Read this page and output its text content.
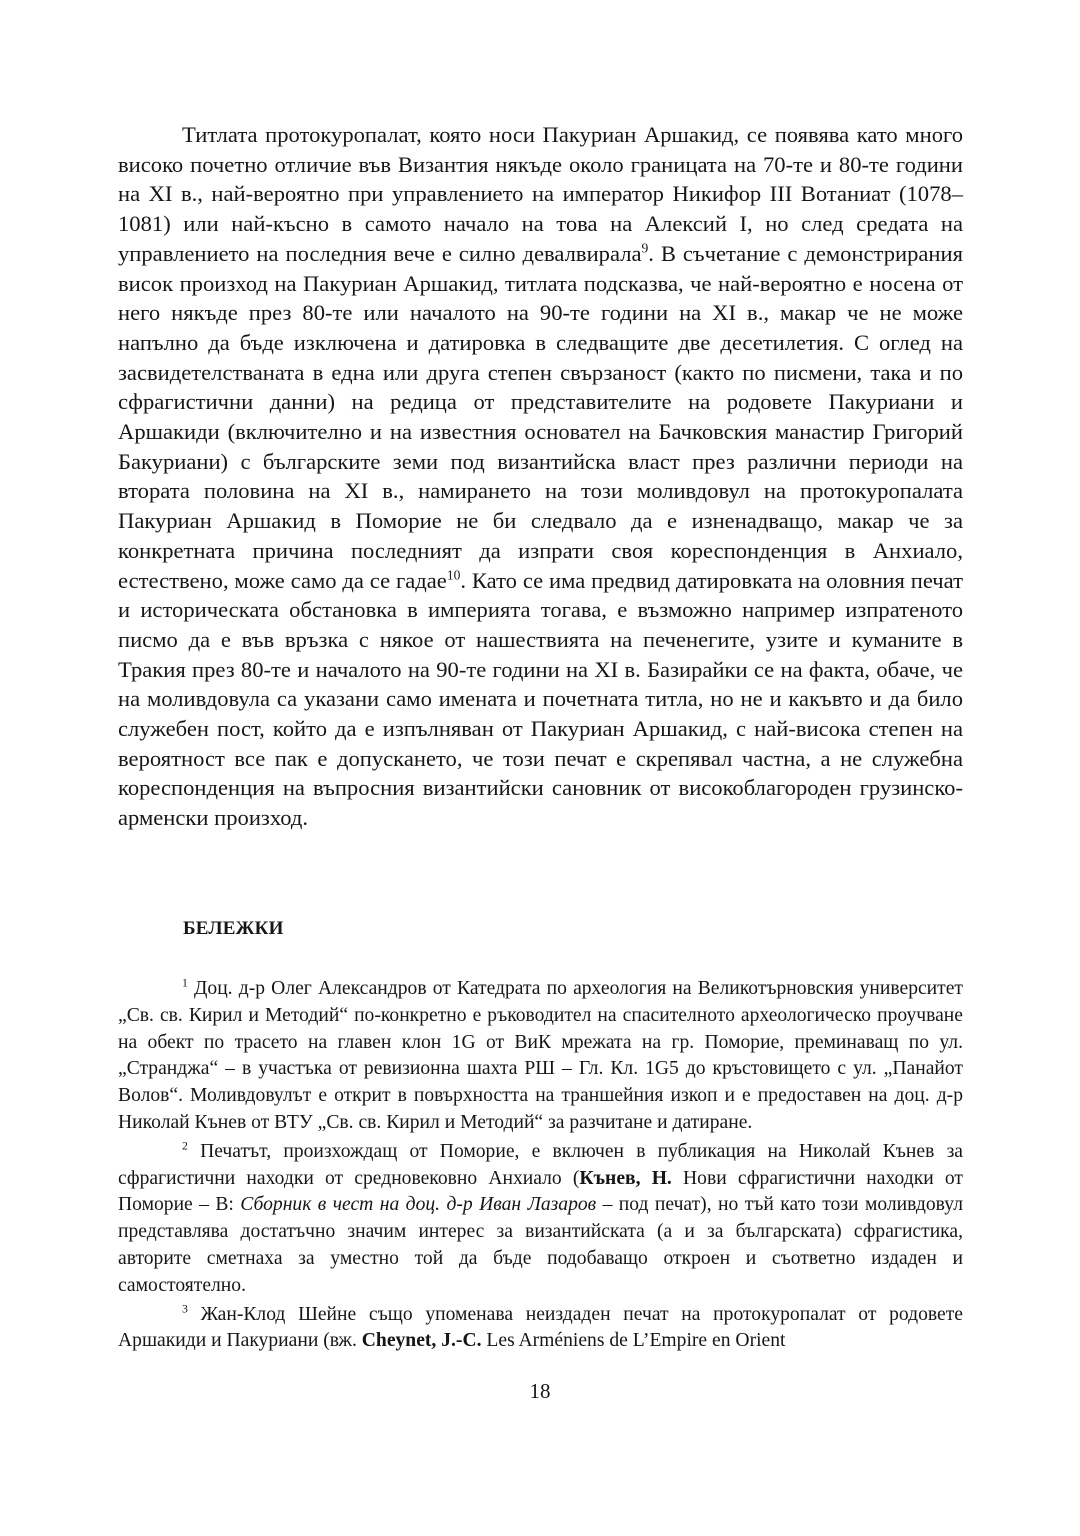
Титлата протокуропалат, която носи Пакуриан Аршакид, се появява като много високо почетно отличие във Византия някъде около границата на 70-те и 80-те години на XI в., най-вероятно при управлението на император Никифор III Вотаниат (1078–1081) или най-късно в самото начало на това на Алексий I, но след средата на управлението на последния вече е силно девалвирала$^9$. В съчетание с демонстрирания висок произход на Пакуриан Аршакид, титлата подсказва, че най-вероятно е носена от него някъде през 80-те или началото на 90-те години на XI в., макар че не може напълно да бъде изключена и датировка в следващите две десетилетия. С оглед на засвидетелстваната в една или друга степен свързаност (както по писмени, така и по сфрагистични данни) на редица от представителите на родовете Пакуриани и Аршакиди (включително и на известния основател на Бачковския манастир Григорий Бакуриани) с българските земи под византийска власт през различни периоди на втората половина на XI в., намирането на този моливдовул на протокуропалата Пакуриан Аршакид в Поморие не би следвало да е изненадващо, макар че за конкретната причина последният да изпрати своя кореспонденция в Анхиало, естествено, може само да се гадае$^{10}$. Като се има предвид датировката на оловния печат и историческата обстановка в империята тогава, е възможно например изпратеното писмо да е във връзка с някое от нашествията на печенегите, узите и куманите в Тракия през 80-те и началото на 90-те години на XI в. Базирайки се на факта, обаче, че на моливдовула са указани само имената и почетната титла, но не и какъвто и да било служебен пост, който да е изпълняван от Пакуриан Аршакид, с най-висока степен на вероятност все пак е допускането, че този печат е скрепявал частна, а не служебна кореспонденция на въпросния византийски сановник от високоблагороден грузинско-арменски произход.

БЕЛЕЖКИ

$^1$ Доц. д-р Олег Александров от Катедрата по археология на Великотърновския университет „Св. св. Кирил и Методий“ по-конкретно е ръководител на спасителното археологическо проучване на обект по трасето на главен клон 1G от ВиК мрежата на гр. Поморие, преминаващ по ул. „Странджа“ – в участъка от ревизионна шахта РШ – Гл. Кл. 1G5 до кръстовището с ул. „Панайот Волов“. Моливдовулът е открит в повърхността на траншейния изкоп и е предоставен на доц. д-р Николай Кънев от ВТУ „Св. св. Кирил и Методий“ за разчитане и датиране.

$^2$ Печатът, произхождащ от Поморие, е включен в публикация на Николай Кънев за сфрагистични находки от средновековно Анхиало (Кънев, Н. Нови сфрагистични находки от Поморие – В: Сборник в чест на доц. д-р Иван Лазаров – под печат), но тъй като този моливдовул представлява достатъчно значим интерес за византийската (а и за българската) сфрагистика, авторите сметнаха за уместно той да бъде подобаващо откроен и съответно издаден и самостоятелно.

$^3$ Жан-Клод Шейне също упоменава неиздаден печат на протокуропалат от родовете Аршакиди и Пакуриани (вж. Cheynet, J.-C. Les Arméniens de L’Empire en Orient

18
